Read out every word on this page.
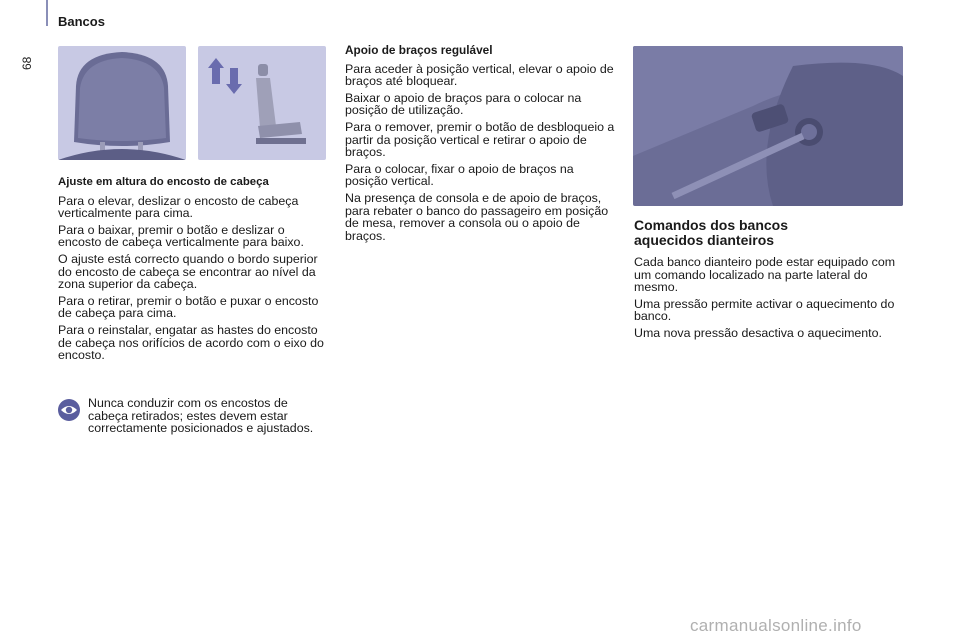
Bancos
68
Ajuste em altura do encosto de cabeça

Para o elevar, deslizar o encosto de cabeça verticalmente para cima.

Para o baixar, premir o botão e deslizar o encosto de cabeça verticalmente para baixo.

O ajuste está correcto quando o bordo superior do encosto de cabeça se encontrar ao nível da zona superior da cabeça.

Para o retirar, premir o botão e puxar o encosto de cabeça para cima.

Para o reinstalar, engatar as hastes do encosto de cabeça nos orifícios de acordo com o eixo do encosto.

Nunca conduzir com os encostos de cabeça retirados; estes devem estar correctamente posicionados e ajustados.
Apoio de braços regulável

Para aceder à posição vertical, elevar o apoio de braços até bloquear.

Baixar o apoio de braços para o colocar na posição de utilização.

Para o remover, premir o botão de desbloqueio a partir da posição vertical e retirar o apoio de braços.

Para o colocar, fixar o apoio de braços na posição vertical.

Na presença de consola e de apoio de braços, para rebater o banco do passageiro em posição de mesa, remover a consola ou o apoio de braços.

Comandos dos bancos aquecidos dianteiros

Cada banco dianteiro pode estar equipado com um comando localizado na parte lateral do mesmo.

Uma pressão permite activar o aquecimento do banco.

Uma nova pressão desactiva o aquecimento.

carmanualsonline.info
